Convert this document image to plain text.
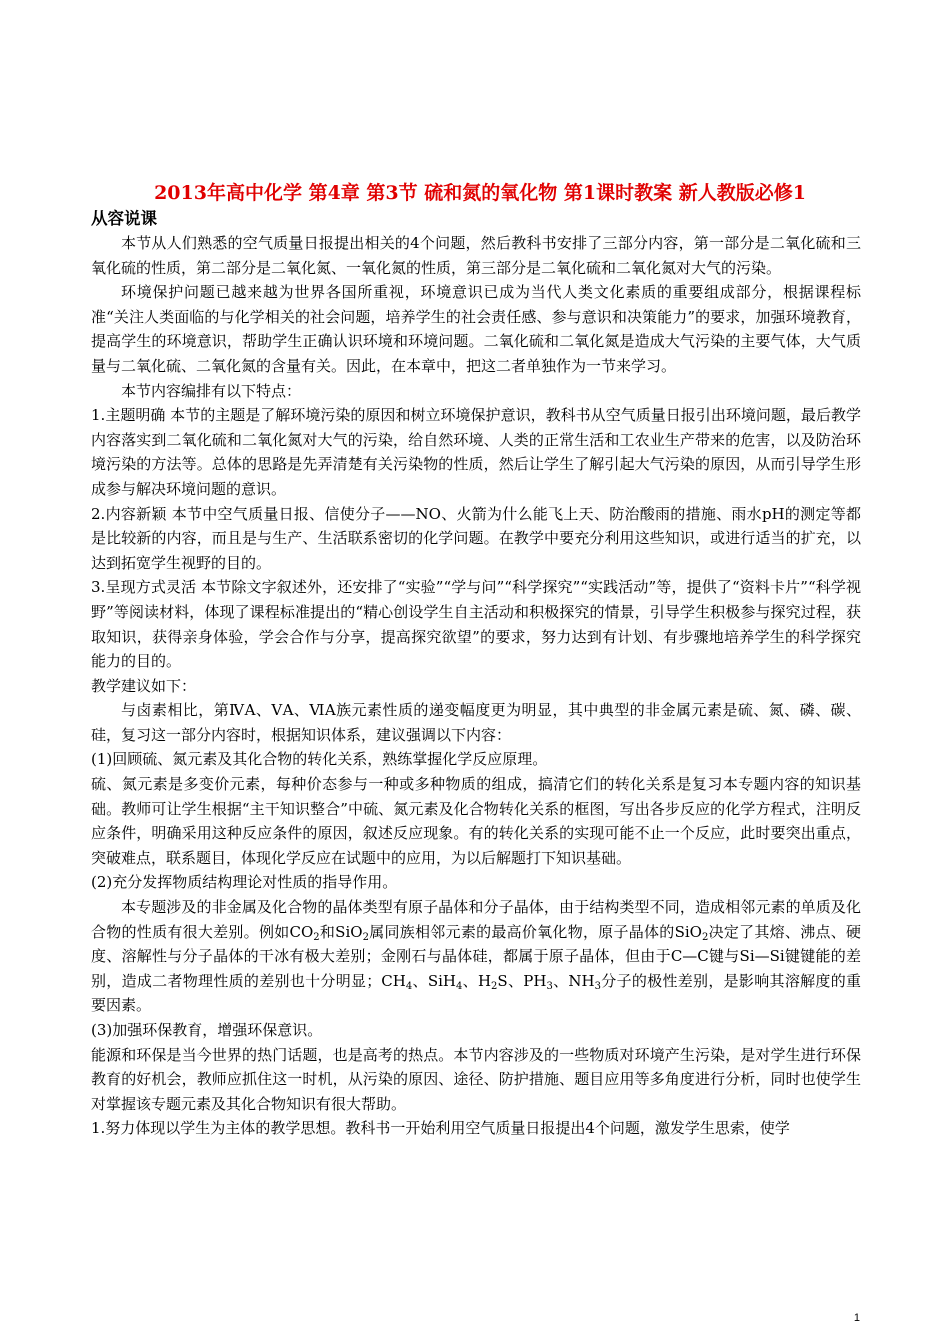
2013年高中化学 第4章 第3节 硫和氮的氧化物 第1课时教案 新人教版必修1
从容说课

本节从人们熟悉的空气质量日报提出相关的4个问题，然后教科书安排了三部分内容，第一部分是二氧化硫和三氧化硫的性质，第二部分是二氧化氮、一氧化氮的性质，第三部分是二氧化硫和二氧化氮对大气的污染。

环境保护问题已越来越为世界各国所重视，环境意识已成为当代人类文化素质的重要组成部分，根据课程标准“关注人类面临的与化学相关的社会问题，培养学生的社会责任感、参与意识和决策能力”的要求，加强环境教育，提高学生的环境意识，帮助学生正确认识环境和环境问题。二氧化硫和二氧化氮是造成大气污染的主要气体，大气质量与二氧化硫、二氧化氮的含量有关。因此，在本章中，把这二者单独作为一节来学习。

本节内容编排有以下特点：

1.主题明确 本节的主题是了解环境污染的原因和树立环境保护意识，教科书从空气质量日报引出环境问题，最后教学内容落实到二氧化硫和二氧化氮对大气的污染，给自然环境、人类的正常生活和工农业生产带来的危害，以及防治环境污染的方法等。总体的思路是先弄清楚有关污染物的性质，然后让学生了解引起大气污染的原因，从而引导学生形成参与解决环境问题的意识。

2.内容新颖 本节中空气质量日报、信使分子——NO、火箭为什么能飞上天、防治酸雨的措施、雨水pH的测定等都是比较新的内容，而且是与生产、生活联系密切的化学问题。在教学中要充分利用这些知识，或进行适当的扩充，以达到拓宽学生视野的目的。

3.呈现方式灵活 本节除文字叙述外，还安排了“实验”“学与问”“科学探究”“实践活动”等，提供了“资料卡片”“科学视野”等阅读材料，体现了课程标准提出的“精心创设学生自主活动和积极探究的情景，引导学生积极参与探究过程，获取知识，获得亲身体验，学会合作与分享，提高探究欲望”的要求，努力达到有计划、有步骤地培养学生的科学探究能力的目的。

教学建议如下：

与卤素相比，第ⅣA、ⅤA、ⅥA族元素性质的递变幅度更为明显，其中典型的非金属元素是硫、氮、磷、碳、硅，复习这一部分内容时，根据知识体系，建议强调以下内容：

(1)回顾硫、氮元素及其化合物的转化关系，熟练掌握化学反应原理。

硫、氮元素是多变价元素，每种价态参与一种或多种物质的组成，搞清它们的转化关系是复习本专题内容的知识基础。教师可让学生根据“主干知识整合”中硫、氮元素及化合物转化关系的框图，写出各步反应的化学方程式，注明反应条件，明确采用这种反应条件的原因，叙述反应现象。有的转化关系的实现可能不止一个反应，此时要突出重点，突破难点，联系题目，体现化学反应在试题中的应用，为以后解题打下知识基础。

(2)充分发挥物质结构理论对性质的指导作用。

本专题涉及的非金属及化合物的晶体类型有原子晶体和分子晶体，由于结构类型不同，造成相邻元素的单质及化合物的性质有很大差别。例如$CO_2$和SiO$_2$属同族相邻元素的最高价氧化物，原子晶体的SiO$_2$决定了其熔、沸点、硬度、溶解性与分子晶体的干冰有极大差别；金刚石与晶体硅，都属于原子晶体，但由于C—C键与Si—Si键键能的差别，造成二者物理性质的差别也十分明显；$CH_4$、SiH$_4$、$H_2S$、$PH_3$、$NH_3$分子的极性差别，是影响其溶解度的重要因素。

(3)加强环保教育，增强环保意识。

能源和环保是当今世界的热门话题，也是高考的热点。本节内容涉及的一些物质对环境产生污染，是对学生进行环保教育的好机会，教师应抓住这一时机，从污染的原因、途径、防护措施、题目应用等多角度进行分析，同时也使学生对掌握该专题元素及其化合物知识有很大帮助。

1.努力体现以学生为主体的教学思想。教科书一开始利用空气质量日报提出4个问题，激发学生思索，使学

1
